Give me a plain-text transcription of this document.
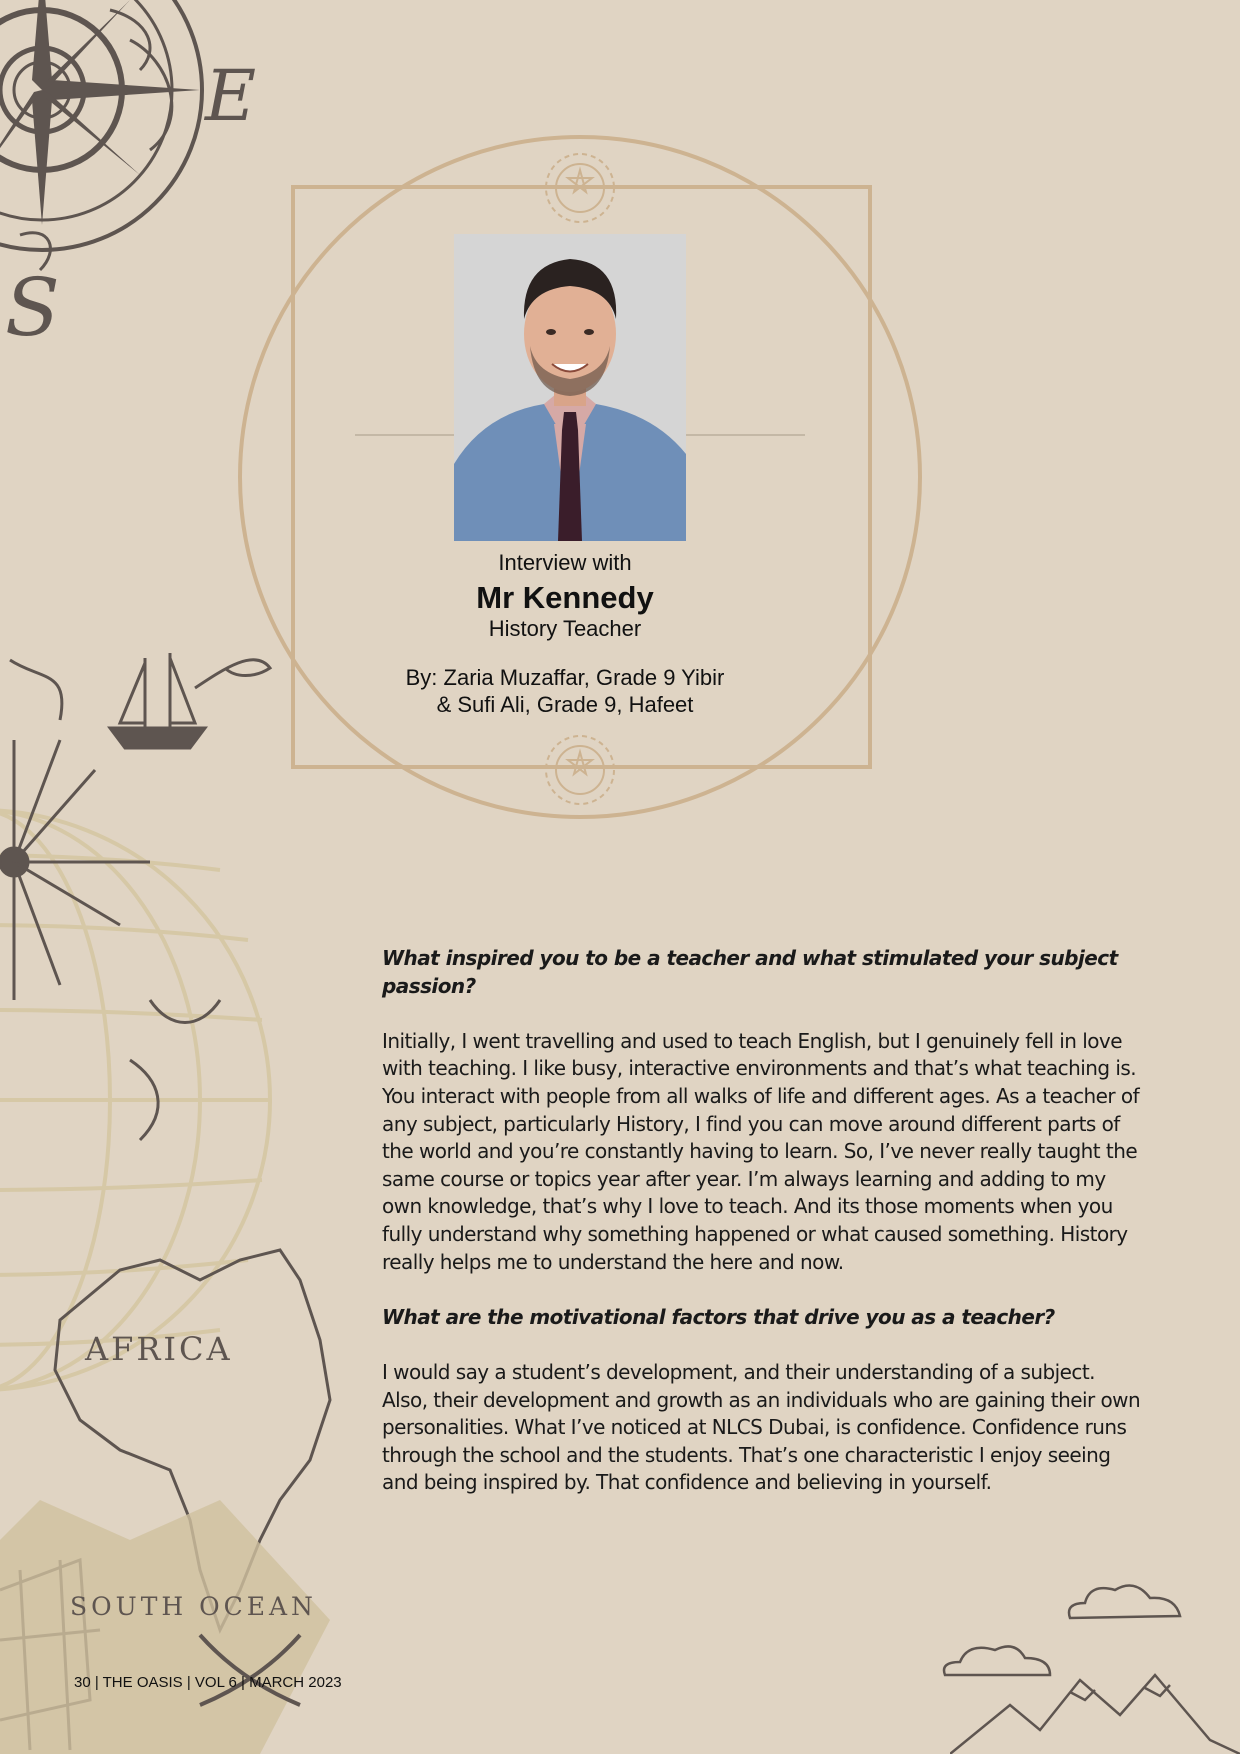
E
S
AFRICA
SOUTH OCEAN
Interview with
Mr Kennedy
History Teacher
By: Zaria Muzaffar, Grade 9 Yibir
& Sufi Ali, Grade 9, Hafeet

What inspired you to be a teacher and what stimulated your subject passion?

Initially, I went travelling and used to teach English, but I genuinely fell in love with teaching. I like busy, interactive environments and that’s what teaching is. You interact with people from all walks of life and different ages. As a teacher of any subject, particularly History, I find you can move around different parts of the world and you’re constantly having to learn. So, I’ve never really taught the same course or topics year after year. I’m always learning and adding to my own knowledge, that’s why I love to teach. And its those moments when you fully understand why something happened or what caused something. History really helps me to understand the here and now.

What are the motivational factors that drive you as a teacher?

I would say a student’s development, and their understanding of a subject. Also, their development and growth as an individuals who are gaining their own personalities. What I’ve noticed at NLCS Dubai, is confidence. Confidence runs through the school and the students. That’s one characteristic I enjoy seeing and being inspired by. That confidence and believing in yourself.

30 | THE OASIS | VOL 6 | MARCH 2023
